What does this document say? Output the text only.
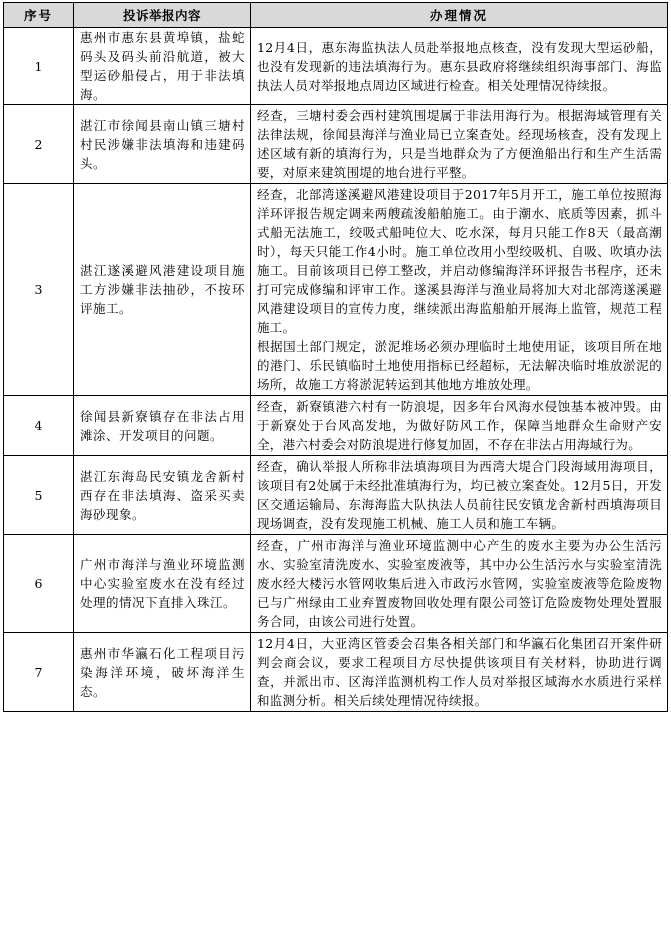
序号	投诉举报内容	办理情况
1	惠州市惠东县黄埠镇，盐蛇码头及码头前沿航道，被大型运砂船侵占，用于非法填海。	12月4日，惠东海监执法人员赴举报地点核查，没有发现大型运砂船，也没有发现新的违法填海行为。惠东县政府将继续组织海事部门、海监执法人员对举报地点周边区域进行检查。相关处理情况待续报。

2	湛江市徐闻县南山镇三塘村村民涉嫌非法填海和违建码头。	经查，三塘村委会西村建筑围堤属于非法用海行为。根据海域管理有关法律法规，徐闻县海洋与渔业局已立案查处。经现场核查，没有发现上述区域有新的填海行为，只是当地群众为了方便渔船出行和生产生活需要，对原来建筑围堤的地台进行平整。

3	湛江遂溪避风港建设项目施工方涉嫌非法抽砂，不按环评施工。	经查，北部湾遂溪避风港建设项目于2017年5月开工，施工单位按照海洋环评报告规定调来两艘疏浚船舶施工。由于潮水、底质等因素，抓斗式船无法施工，绞吸式船吨位大、吃水深，每月只能工作8天（最高潮时），每天只能工作4小时。施工单位改用小型绞吸机、自吸、吹填办法施工。目前该项目已停工整改，并启动修编海洋环评报告书程序，还未打可完成修编和评审工作。遂溪县海洋与渔业局将加大对北部湾遂溪避风港建设项目的宣传力度，继续派出海监船舶开展海上监管，规范工程施工。

根据国土部门规定，淤泥堆场必须办理临时土地使用证，该项目所在地的港门、乐民镇临时土地使用指标已经超标，无法解决临时堆放淤泥的场所，故施工方将淤泥转运到其他地方堆放处理。

4	徐闻县新寮镇存在非法占用滩涂、开发项目的问题。	经查，新寮镇港六村有一防浪堤，因多年台风海水侵蚀基本被冲毁。由于新寮处于台风高发地，为做好防风工作，保障当地群众生命财产安全，港六村委会对防浪堤进行修复加固，不存在非法占用海域行为。

5	湛江东海岛民安镇龙舍新村西存在非法填海、盗采买卖海砂现象。	经查，确认举报人所称非法填海项目为西湾大堤合门段海域用海项目，该项目有2处属于未经批准填海行为，均已被立案查处。12月5日，开发区交通运输局、东海海监大队执法人员前往民安镇龙舍新村西填海项目现场调查，没有发现施工机械、施工人员和施工车辆。

6	广州市海洋与渔业环境监测中心实验室废水在没有经过处理的情况下直排入珠江。	经查，广州市海洋与渔业环境监测中心产生的废水主要为办公生活污水、实验室清洗废水、实验室废液等，其中办公生活污水与实验室清洗废水经大楼污水管网收集后进入市政污水管网，实验室废液等危险废物已与广州绿由工业弃置废物回收处理有限公司签订危险废物处理处置服务合同，由该公司进行处置。

7	惠州市华瀛石化工程项目污染海洋环境，破坏海洋生态。	12月4日，大亚湾区管委会召集各相关部门和华瀛石化集团召开案件研判会商会议，要求工程项目方尽快提供该项目有关材料，协助进行调查，并派出市、区海洋监测机构工作人员对举报区域海水水质进行采样和监测分析。相关后续处理情况待续报。
